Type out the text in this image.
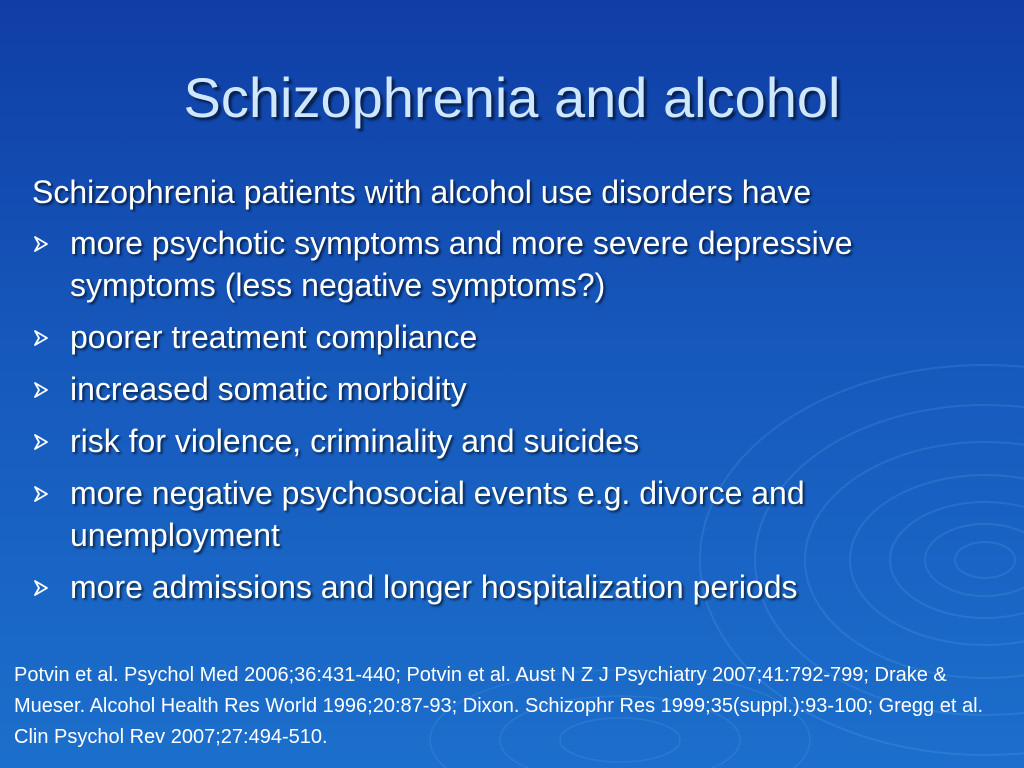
Schizophrenia and alcohol
Schizophrenia patients with alcohol use disorders have
more psychotic symptoms and more severe depressive symptoms (less negative symptoms?)
poorer treatment compliance
increased somatic morbidity
risk for violence, criminality and suicides
more negative psychosocial events e.g. divorce and unemployment
more admissions and longer hospitalization periods
Potvin et al. Psychol Med 2006;36:431-440; Potvin et al. Aust N Z J Psychiatry 2007;41:792-799; Drake & Mueser. Alcohol Health Res World 1996;20:87-93; Dixon. Schizophr Res 1999;35(suppl.):93-100; Gregg et al. Clin Psychol Rev 2007;27:494-510.
